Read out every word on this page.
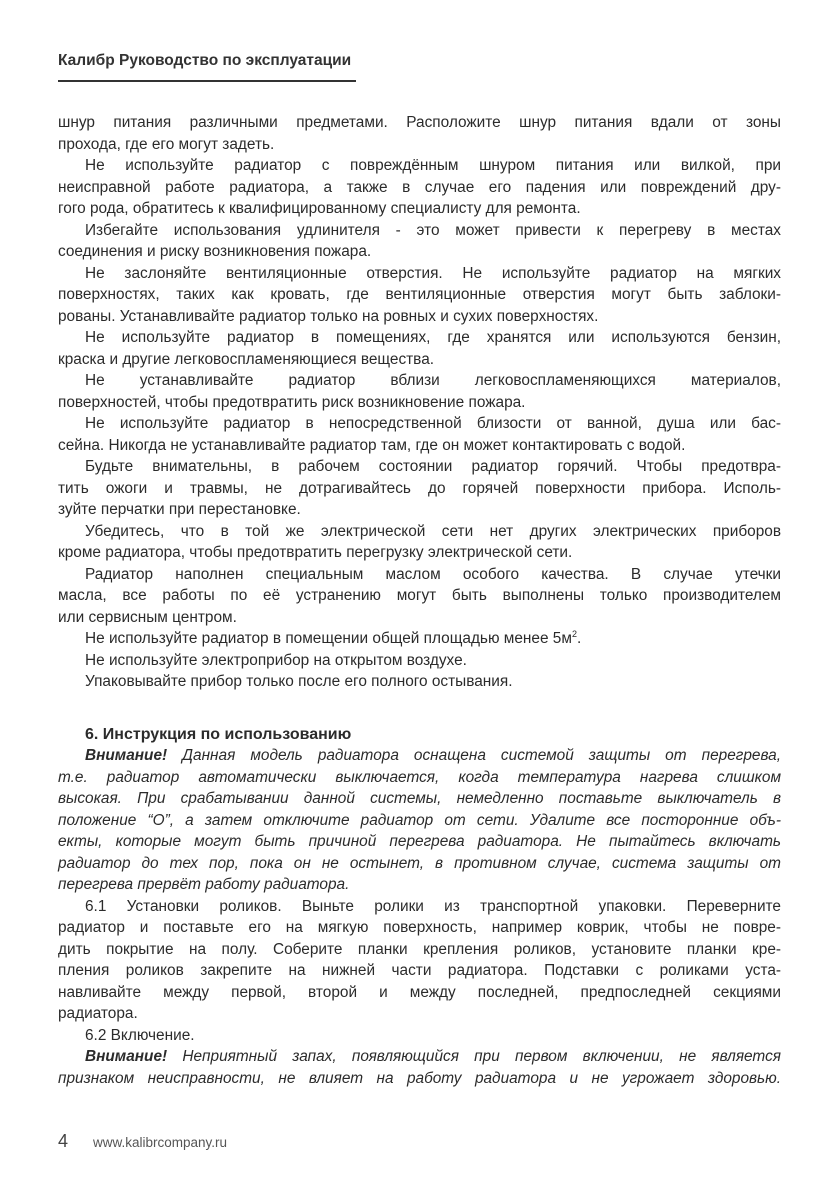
Калибр Руководство по эксплуатации
шнур питания различными предметами. Расположите шнур питания вдали от зоны
прохода, где его могут задеть.
Не используйте радиатор с повреждённым шнуром питания или вилкой, при
неисправной работе радиатора, а также в случае его падения или повреждений дру-
гого рода, обратитесь к квалифицированному специалисту для ремонта.
Избегайте использования удлинителя - это может привести к перегреву в местах
соединения и риску возникновения пожара.
Не заслоняйте вентиляционные отверстия. Не используйте радиатор на мягких
поверхностях, таких как кровать, где вентиляционные отверстия могут быть заблоки-
рованы. Устанавливайте радиатор только на ровных и сухих поверхностях.
Не используйте радиатор в помещениях, где хранятся или используются бензин,
краска и другие легковоспламеняющиеся вещества.
Не устанавливайте радиатор вблизи легковоспламеняющихся материалов,
поверхностей, чтобы предотвратить риск возникновение пожара.
Не используйте радиатор в непосредственной близости от ванной, душа или бас-
сейна. Никогда не устанавливайте радиатор там, где он может контактировать с водой.
Будьте внимательны, в рабочем состоянии радиатор горячий. Чтобы предотвра-
тить ожоги и травмы, не дотрагивайтесь до горячей поверхности прибора. Исполь-
зуйте перчатки при перестановке.
Убедитесь, что в той же электрической сети нет других электрических приборов
кроме радиатора, чтобы предотвратить перегрузку электрической сети.
Радиатор наполнен специальным маслом особого качества. В случае утечки
масла, все работы по её устранению могут быть выполнены только производителем
или сервисным центром.
Не используйте радиатор в помещении общей площадью менее $5м^2$.
Не используйте электроприбор на открытом воздухе.
Упаковывайте прибор только после его полного остывания.
6. Инструкция по использованию
Внимание! Данная модель радиатора оснащена системой защиты от перегрева,
т.е. радиатор автоматически выключается, когда температура нагрева слишком
высокая. При срабатывании данной системы, немедленно поставьте выключатель в
положение “O”, а затем отключите радиатор от сети. Удалите все посторонние объ-
екты, которые могут быть причиной перегрева радиатора. Не пытайтесь включать
радиатор до тех пор, пока он не остынет, в противном случае, система защиты от
перегрева прервёт работу радиатора.
6.1 Установки роликов. Выньте ролики из транспортной упаковки. Переверните
радиатор и поставьте его на мягкую поверхность, например коврик, чтобы не повре-
дить покрытие на полу. Соберите планки крепления роликов, установите планки кре-
пления роликов закрепите на нижней части радиатора. Подставки с роликами уста-
навливайте между первой, второй и между последней, предпоследней секциями
радиатора.
6.2 Включение.
Внимание! Неприятный запах, появляющийся при первом включении, не является
признаком неисправности, не влияет на работу радиатора и не угрожает здоровью.
4 www.kalibrcompany.ru
